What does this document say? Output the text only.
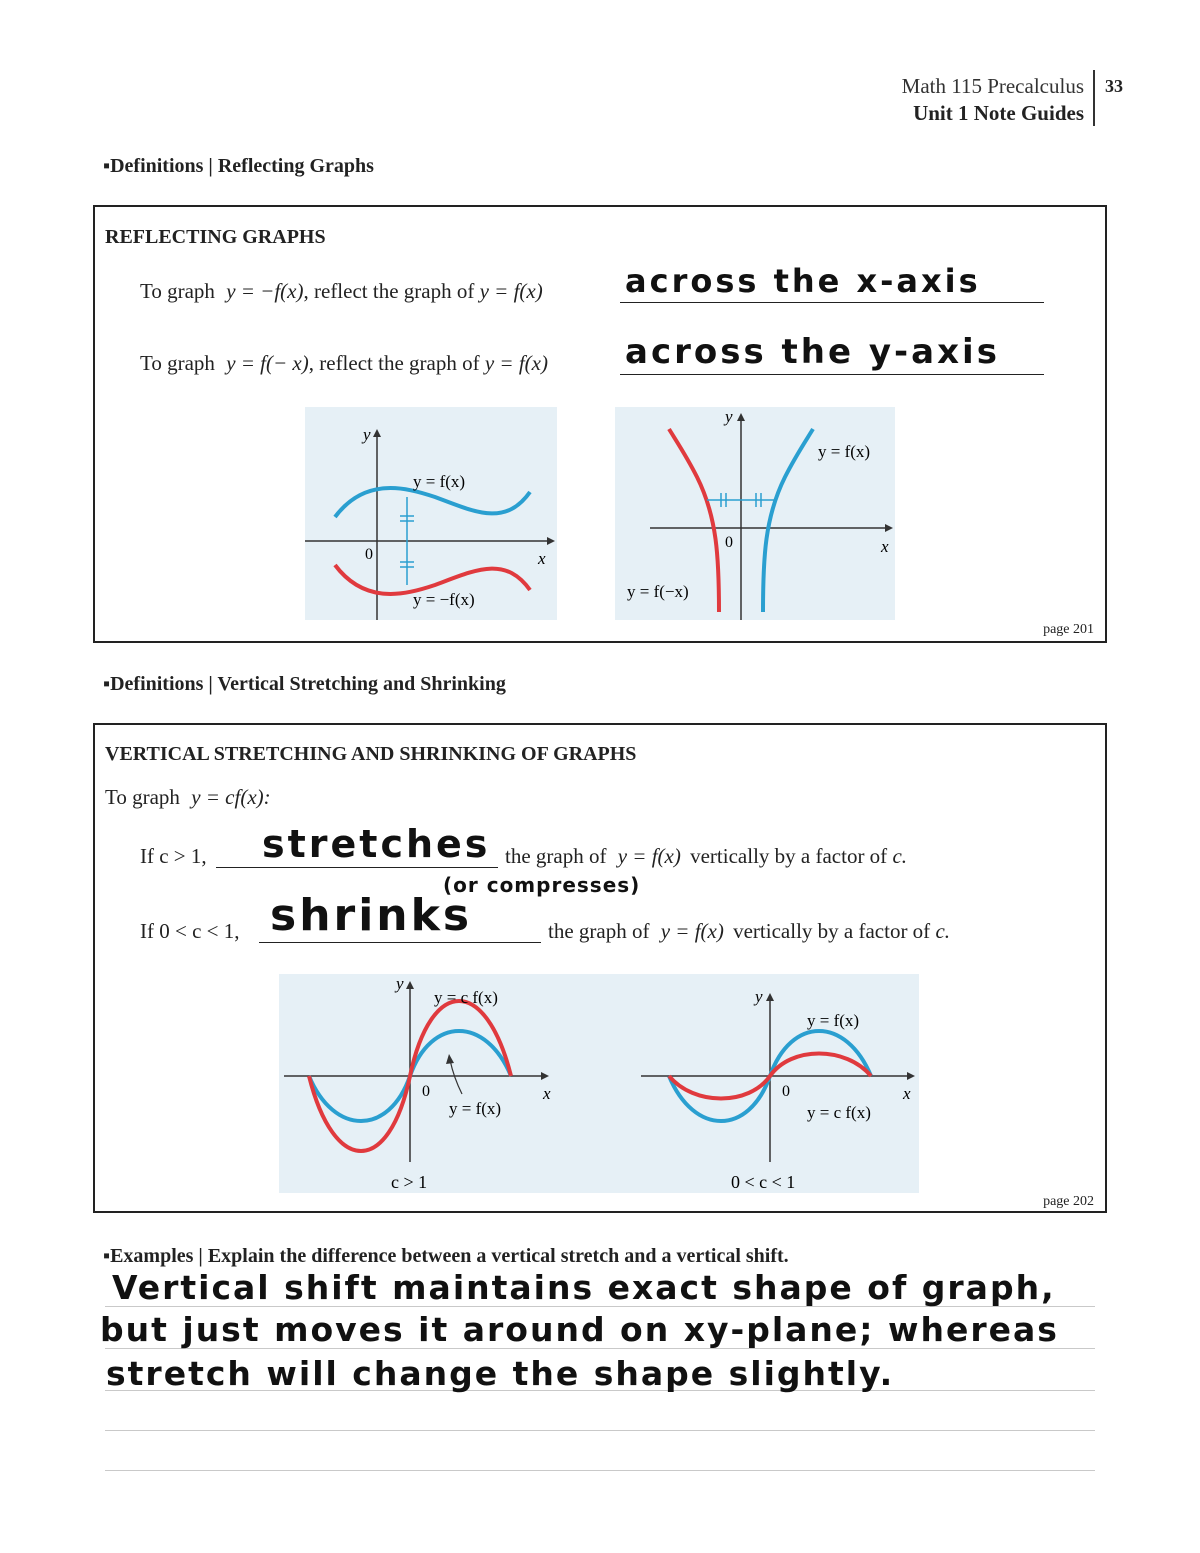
Math 115 Precalculus
Unit 1 Note Guides
33
▪Definitions | Reflecting Graphs
REFLECTING GRAPHS
To graph y = −f(x), reflect the graph of y = f(x)	across the x-axis
To graph y = f(− x), reflect the graph of y = f(x) across the y-axis
y
x
0
y = f(x)
y = −f(x)
y
x
0
y = f(x)
y = f(−x)
page 201
▪Definitions | Vertical Stretching and Shrinking
VERTICAL STRETCHING AND SHRINKING OF GRAPHS
To graph y = cf(x):
If c > 1, stretches the graph of y = f(x) vertically by a factor of c.
(or compresses)
If 0 < c < 1, shrinks	the graph of y = f(x) vertically by a factor of c.
y
x
0
y = c f(x)
y = f(x)
c > 1
y
x
0
y = f(x)
y = c f(x)
0 < c < 1
page 202
▪Examples | Explain the difference between a vertical stretch and a vertical shift.
Vertical shift maintains exact shape of graph,
but just moves it around on xy-plane; whereas
stretch will change the shape slightly.
